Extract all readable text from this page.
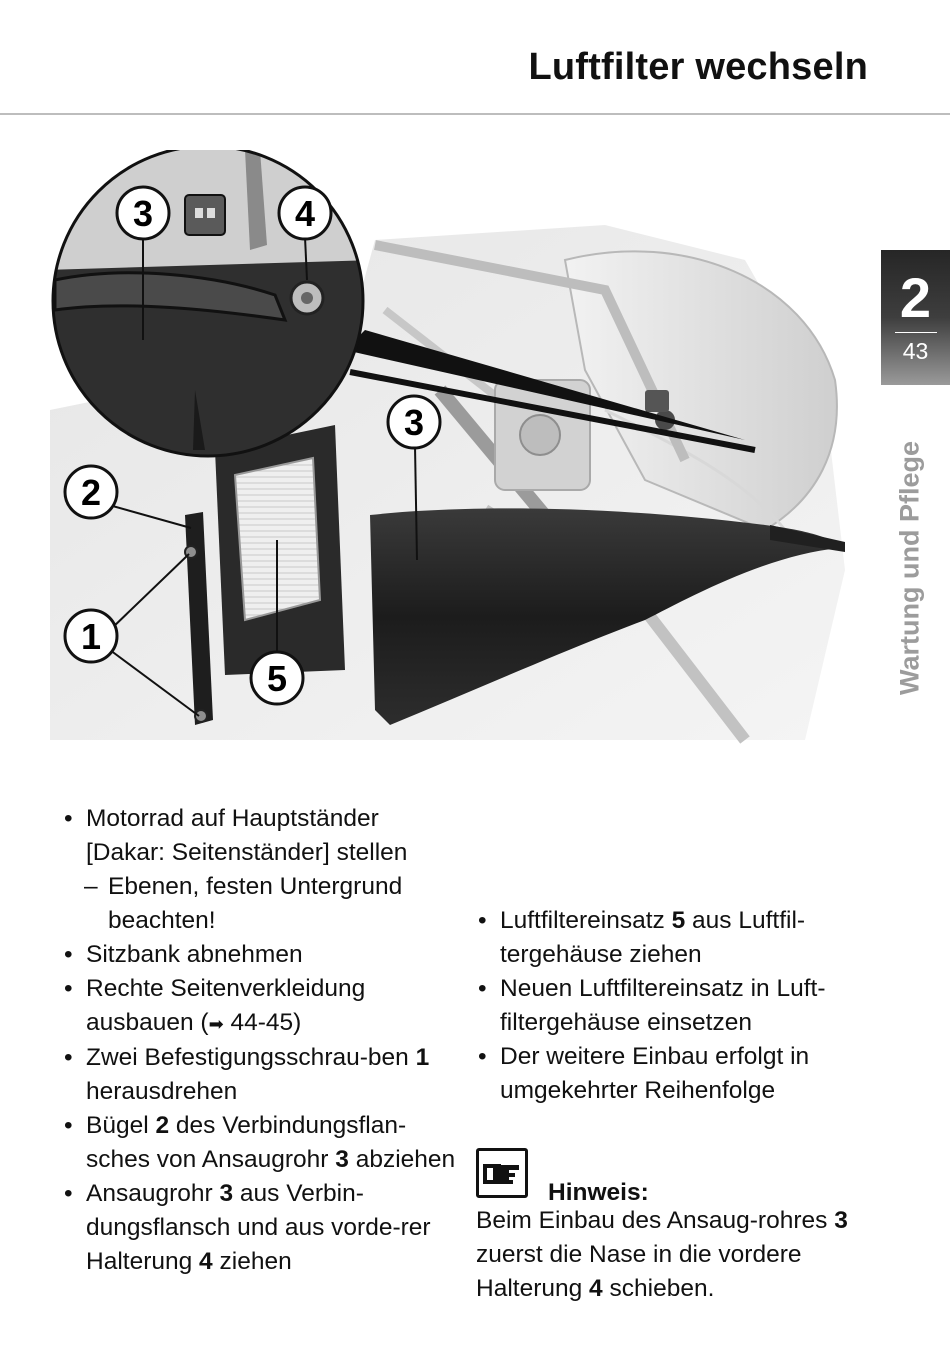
Luftfilter wechseln
2
43
Wartung und Pflege
3	4
3
2
1
5
• Motorrad auf Hauptständer [Dakar: Seitenständer] stellen
– Ebenen, festen Untergrund beachten!
• Sitzbank abnehmen
• Rechte Seitenverkleidung ausbauen (➡ 44-45)
• Zwei Befestigungsschrau-ben 1 herausdrehen
• Bügel 2 des Verbindungsflan-sches von Ansaugrohr 3 abziehen
• Ansaugrohr 3 aus Verbin-dungsflansch und aus vorde-rer Halterung 4 ziehen
• Luftfiltereinsatz 5 aus Luftfil-tergehäuse ziehen
• Neuen Luftfiltereinsatz in Luft-filtergehäuse einsetzen
• Der weitere Einbau erfolgt in umgekehrter Reihenfolge
Hinweis:
Beim Einbau des Ansaug-rohres 3 zuerst die Nase in die vordere Halterung 4 schieben.
